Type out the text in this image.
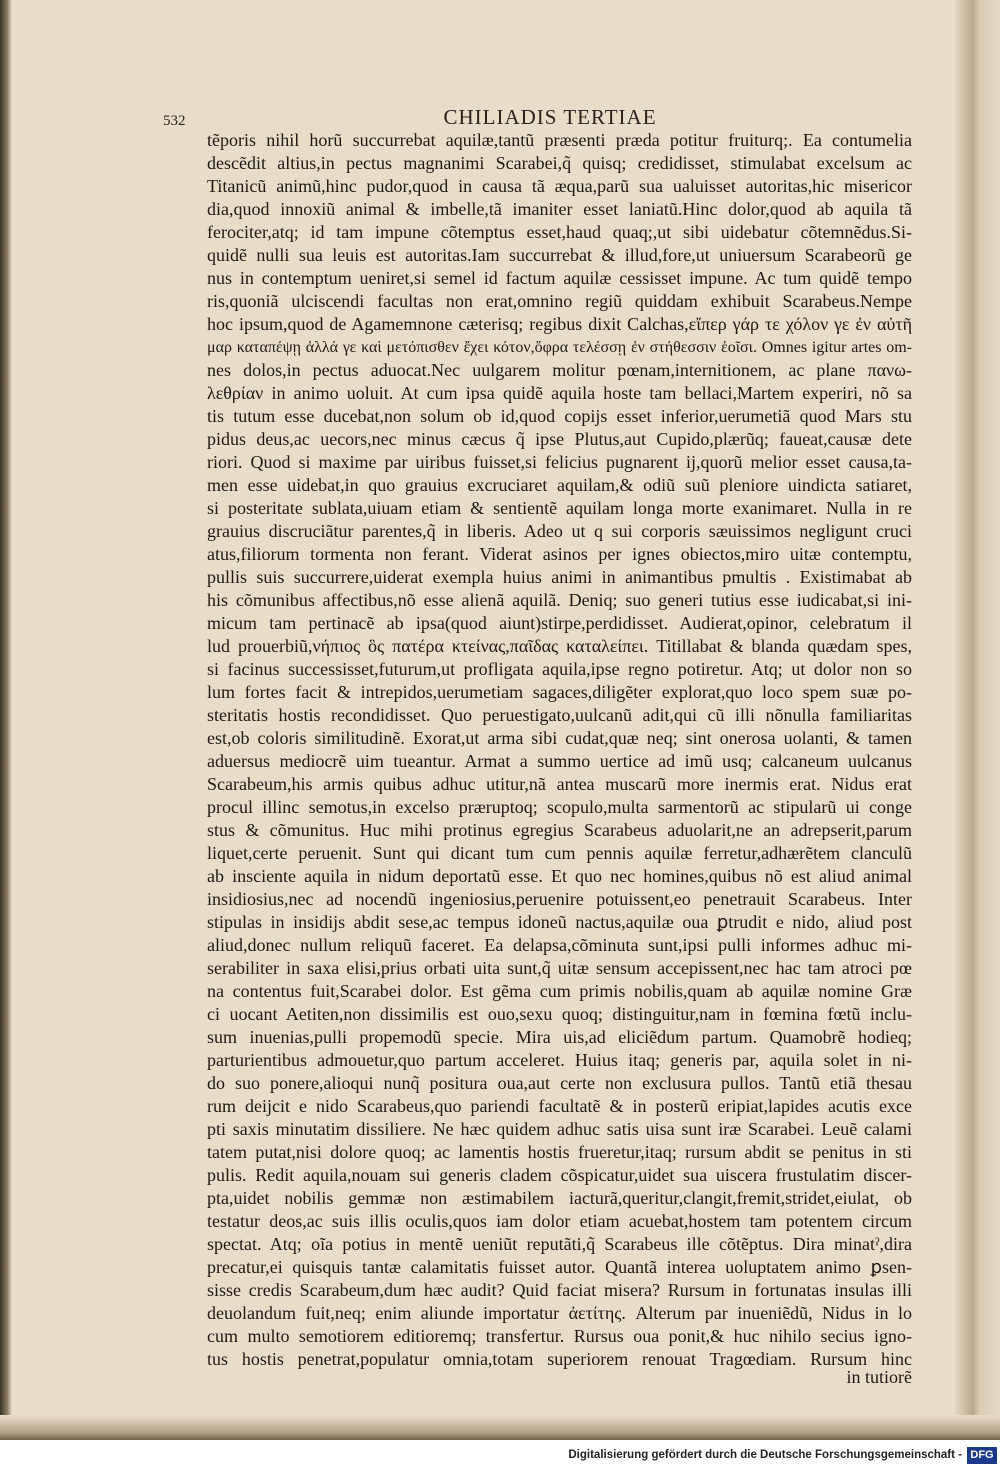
532	CHILIADIS TERTIAE
tẽporis nihil horũ succurrebat aquilæ,tantũ præsenti præda potitur fruiturq;. Ea contumelia
descẽdit altius,in pectus magnanimi Scarabei,q̃ quisq; credidisset, stimulabat excelsum ac
Titanicũ animũ,hinc pudor,quod in causa tã æqua,parũ sua ualuisset autoritas,hic misericor
dia,quod innoxiũ animal & imbelle,tã imaniter esset laniatũ.Hinc dolor,quod ab aquila tã
ferociter,atq; id tam impune cõtemptus esset,haud quaq;,ut sibi uidebatur cõtemnẽdus.Si-
quidẽ nulli sua leuis est autoritas.Iam succurrebat & illud,fore,ut uniuersum Scarabeorũ ge
nus in contemptum ueniret,si semel id factum aquilæ cessisset impune. Ac tum quidẽ tempo
ris,quoniã ulciscendi facultas non erat,omnino regiũ quiddam exhibuit Scarabeus.Nempe
hoc ipsum,quod de Agamemnone cæterisq; regibus dixit Calchas,εἴπερ γάρ τε χόλον γε ἐν αὐτῆ
μαρ καταπέψῃ ἀλλά γε καὶ μετόπισθεν ἔχει κότον,ὄφρα τελέσσῃ ἐν στήθεσσιν ἑοῖσι. Omnes igitur artes om-
nes dolos,in pectus aduocat.Nec uulgarem molitur pœnam,internitionem, ac plane πανω-
λεθρίαν in animo uoluit. At cum ipsa quidẽ aquila hoste tam bellaci,Martem experiri, nõ sa
tis tutum esse ducebat,non solum ob id,quod copijs esset inferior,uerumetiã quod Mars stu
pidus deus,ac uecors,nec minus cæcus q̃ ipse Plutus,aut Cupido,plærũq; faueat,causæ dete
riori. Quod si maxime par uiribus fuisset,si felicius pugnarent ij,quorũ melior esset causa,ta-
men esse uidebat,in quo grauius excruciaret aquilam,& odiũ suũ pleniore uindicta satiaret,
si posteritate sublata,uiuam etiam & sentientẽ aquilam longa morte exanimaret. Nulla in re
grauius discruciãtur parentes,q̃ in liberis. Adeo ut q sui corporis sæuissimos negligunt cruci
atus,filiorum tormenta non ferant. Viderat asinos per ignes obiectos,miro uitæ contemptu,
pullis suis succurrere,uiderat exempla huius animi in animantibus pmultis . Existimabat ab
his cõmunibus affectibus,nõ esse alienã aquilã. Deniq; suo generi tutius esse iudicabat,si ini-
micum tam pertinacẽ ab ipsa(quod aiunt)stirpe,perdidisset. Audierat,opinor, celebratum il
lud prouerbiũ,νήπιος ὃς πατέρα κτείνας,παῖδας καταλείπει. Titillabat & blanda quædam spes,
si facinus successisset,futurum,ut profligata aquila,ipse regno potiretur. Atq; ut dolor non so
lum fortes facit & intrepidos,uerumetiam sagaces,diligẽter explorat,quo loco spem suæ po-
steritatis hostis recondidisset. Quo peruestigato,uulcanũ adit,qui cũ illi nõnulla familiaritas
est,ob coloris similitudinẽ. Exorat,ut arma sibi cudat,quæ neq; sint onerosa uolanti, & tamen
aduersus mediocrẽ uim tueantur. Armat a summo uertice ad imũ usq; calcaneum uulcanus
Scarabeum,his armis quibus adhuc utitur,nã antea muscarũ more inermis erat. Nidus erat
procul illinc semotus,in excelso præruptoq; scopulo,multa sarmentorũ ac stipularũ ui conge
stus & cõmunitus. Huc mihi protinus egregius Scarabeus aduolarit,ne an adrepserit,parum
liquet,certe peruenit. Sunt qui dicant tum cum pennis aquilæ ferretur,adhærẽtem clanculũ
ab insciente aquila in nidum deportatũ esse. Et quo nec homines,quibus nõ est aliud animal
insidiosius,nec ad nocendũ ingeniosius,peruenire potuissent,eo penetrauit Scarabeus. Inter
stipulas in insidijs abdit sese,ac tempus idoneũ nactus,aquilæ oua ꝑtrudit e nido, aliud post
aliud,donec nullum reliquũ faceret. Ea delapsa,cõminuta sunt,ipsi pulli informes adhuc mi-
serabiliter in saxa elisi,prius orbati uita sunt,q̃ uitæ sensum accepissent,nec hac tam atroci pœ
na contentus fuit,Scarabei dolor. Est gẽma cum primis nobilis,quam ab aquilæ nomine Græ
ci uocant Aetiten,non dissimilis est ouo,sexu quoq; distinguitur,nam in fœmina fœtũ inclu-
sum inuenias,pulli propemodũ specie. Mira uis,ad eliciẽdum partum. Quamobrẽ hodieq;
parturientibus admouetur,quo partum acceleret. Huius itaq; generis par, aquila solet in ni-
do suo ponere,alioqui nunq̃ positura oua,aut certe non exclusura pullos. Tantũ etiã thesau
rum deijcit e nido Scarabeus,quo pariendi facultatẽ & in posterũ eripiat,lapides acutis exce
pti saxis minutatim dissiliere. Ne hæc quidem adhuc satis uisa sunt iræ Scarabei. Leuẽ calami
tatem putat,nisi dolore quoq; ac lamentis hostis frueretur,itaq; rursum abdit se penitus in sti
pulis. Redit aquila,nouam sui generis cladem cõspicatur,uidet sua uiscera frustulatim discer-
pta,uidet nobilis gemmæ non æstimabilem iacturã,queritur,clangit,fremit,stridet,eiulat, ob
testatur deos,ac suis illis oculis,quos iam dolor etiam acuebat,hostem tam potentem circum
spectat. Atq; oĩa potius in mentẽ ueniũt reputãti,q̃ Scarabeus ille cõtẽptus. Dira minatˀ,dira
precatur,ei quisquis tantæ calamitatis fuisset autor. Quantã interea uoluptatem animo ꝑsen-
sisse credis Scarabeum,dum hæc audit? Quid faciat misera? Rursum in fortunatas insulas illi
deuolandum fuit,neq; enim aliunde importatur ἀετίτης. Alterum par inueniẽdũ, Nidus in lo
cum multo semotiorem editioremq; transfertur. Rursus oua ponit,& huc nihilo secius igno-
tus hostis penetrat,populatur omnia,totam superiorem renouat Tragœdiam. Rursum hinc
in tutiorẽ
Digitalisierung gefördert durch die Deutsche Forschungsgemeinschaft - DFG
